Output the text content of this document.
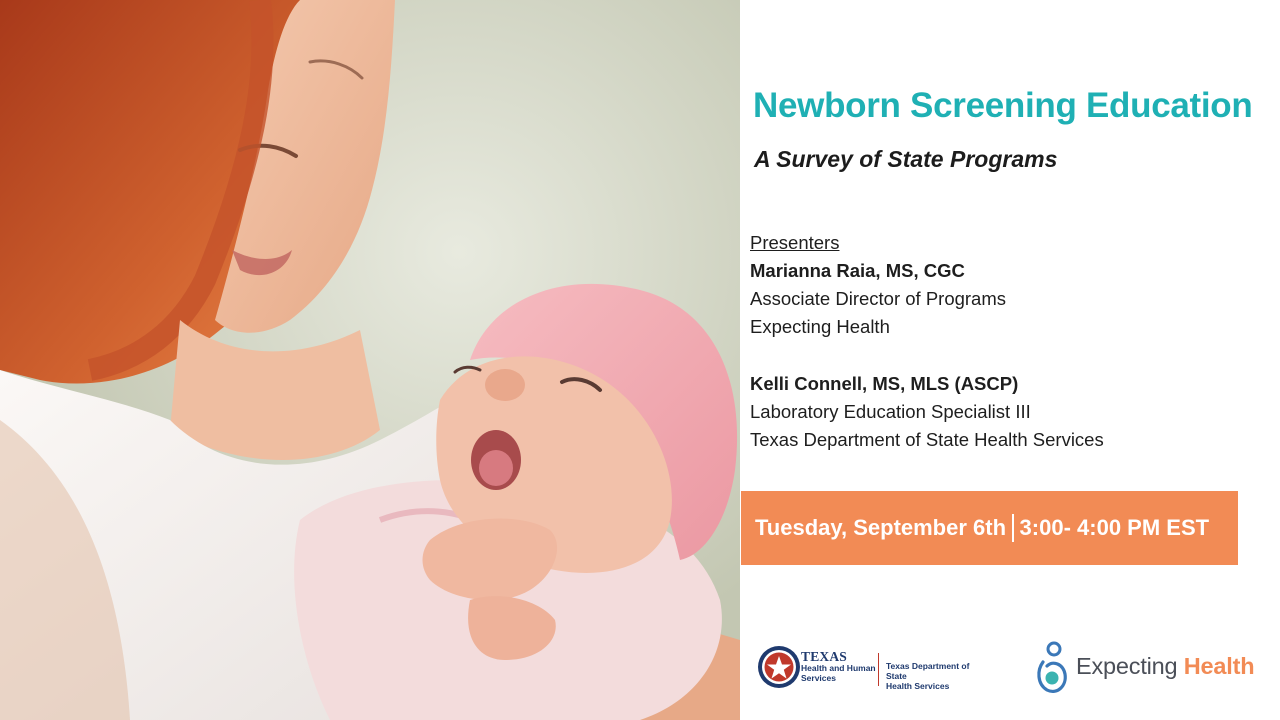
Newborn Screening Education
A Survey of State Programs
Presenters
Marianna Raia, MS, CGC
Associate Director of Programs
Expecting Health
Kelli Connell, MS, MLS (ASCP)
Laboratory Education Specialist III
Texas Department of State Health Services
Tuesday, September 6th 3:00- 4:00 PM EST
TEXAS
Health and Human
Services
Texas Department of State
Health Services
Expecting Health
